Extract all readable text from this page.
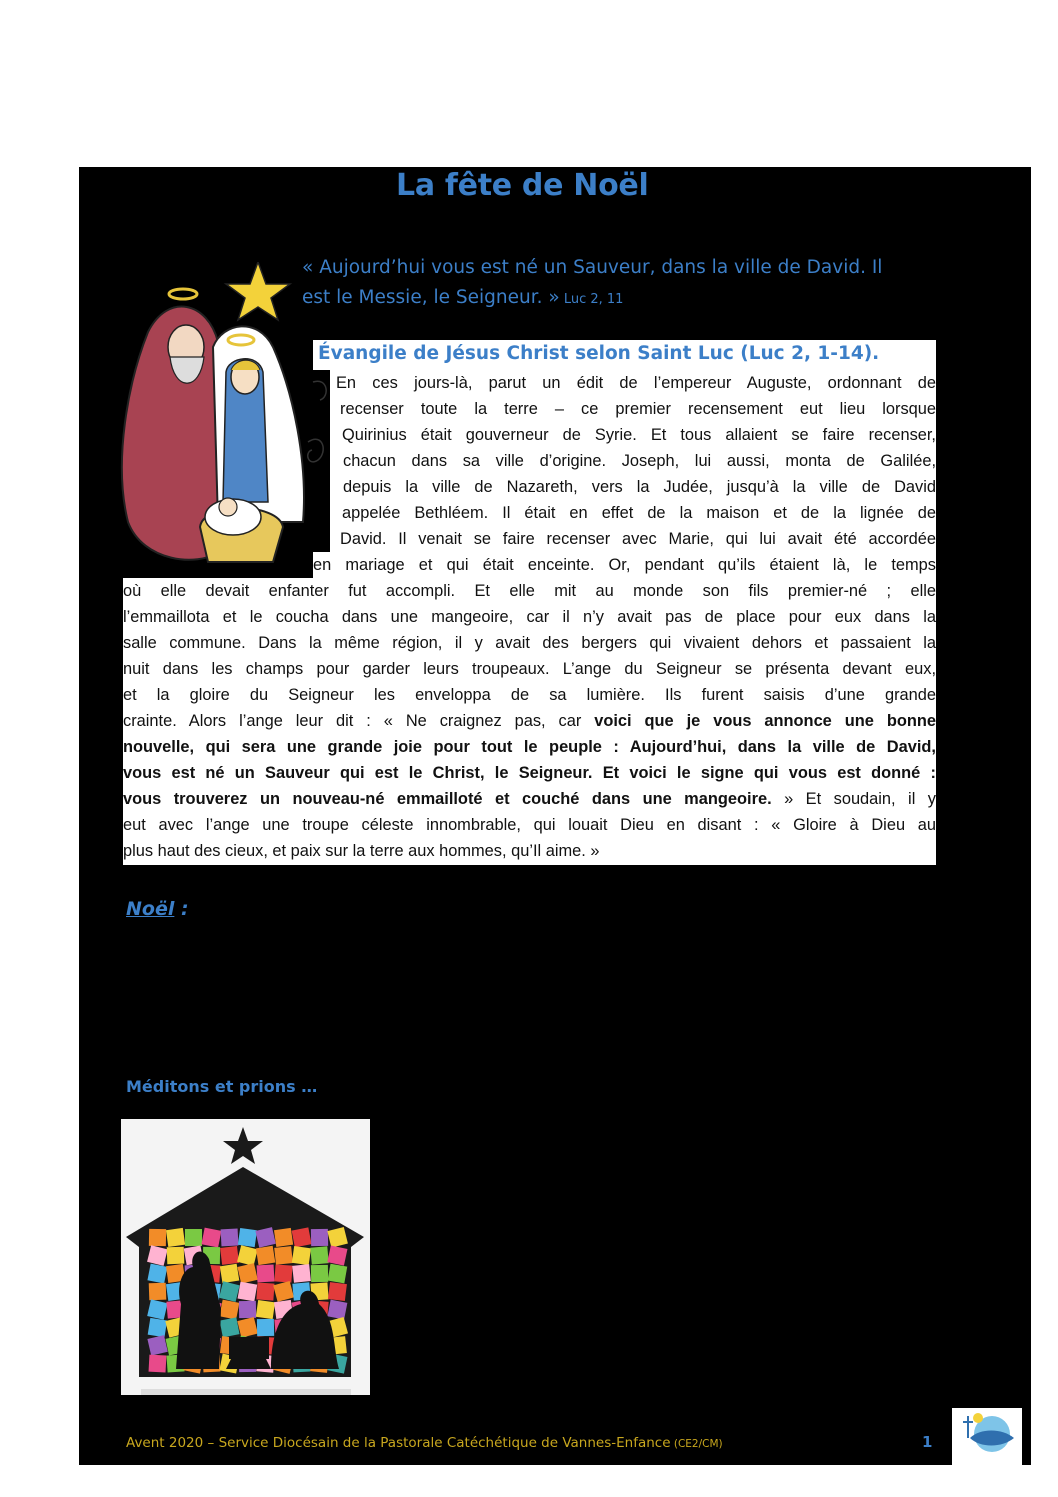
La fête de Noël
« Aujourd’hui vous est né un Sauveur, dans la ville de David. Il
est le Messie, le Seigneur. » Luc 2, 11
Évangile de Jésus Christ selon Saint Luc (Luc 2, 1-14).
En ces jours-là, parut un édit de l’empereur Auguste, ordonnant de
recenser toute la terre – ce premier recensement eut lieu lorsque
Quirinius était gouverneur de Syrie. Et tous allaient se faire recenser,
chacun dans sa ville d’origine. Joseph, lui aussi, monta de Galilée,
depuis la ville de Nazareth, vers la Judée, jusqu’à la ville de David
appelée Bethléem. Il était en effet de la maison et de la lignée de
David. Il venait se faire recenser avec Marie, qui lui avait été accordée
en mariage et qui était enceinte. Or, pendant qu’ils étaient là, le temps
où elle devait enfanter fut accompli. Et elle mit au monde son fils premier-né ; elle
l’emmaillota et le coucha dans une mangeoire, car il n’y avait pas de place pour eux dans la
salle commune. Dans la même région, il y avait des bergers qui vivaient dehors et passaient la
nuit dans les champs pour garder leurs troupeaux. L’ange du Seigneur se présenta devant eux,
et la gloire du Seigneur les enveloppa de sa lumière. Ils furent saisis d’une grande
crainte. Alors l’ange leur dit : « Ne craignez pas, car voici que je vous annonce une bonne
nouvelle, qui sera une grande joie pour tout le peuple : Aujourd’hui, dans la ville de David,
vous est né un Sauveur qui est le Christ, le Seigneur. Et voici le signe qui vous est donné :
vous trouverez un nouveau-né emmailloté et couché dans une mangeoire. » Et soudain, il y
eut avec l’ange une troupe céleste innombrable, qui louait Dieu en disant : « Gloire à Dieu au
plus haut des cieux, et paix sur la terre aux hommes, qu’Il aime. »
Noël :
Méditons et prions …
Avent 2020 – Service Diocésain de la Pastorale Catéchétique de Vannes-Enfance (CE2/CM)	1
